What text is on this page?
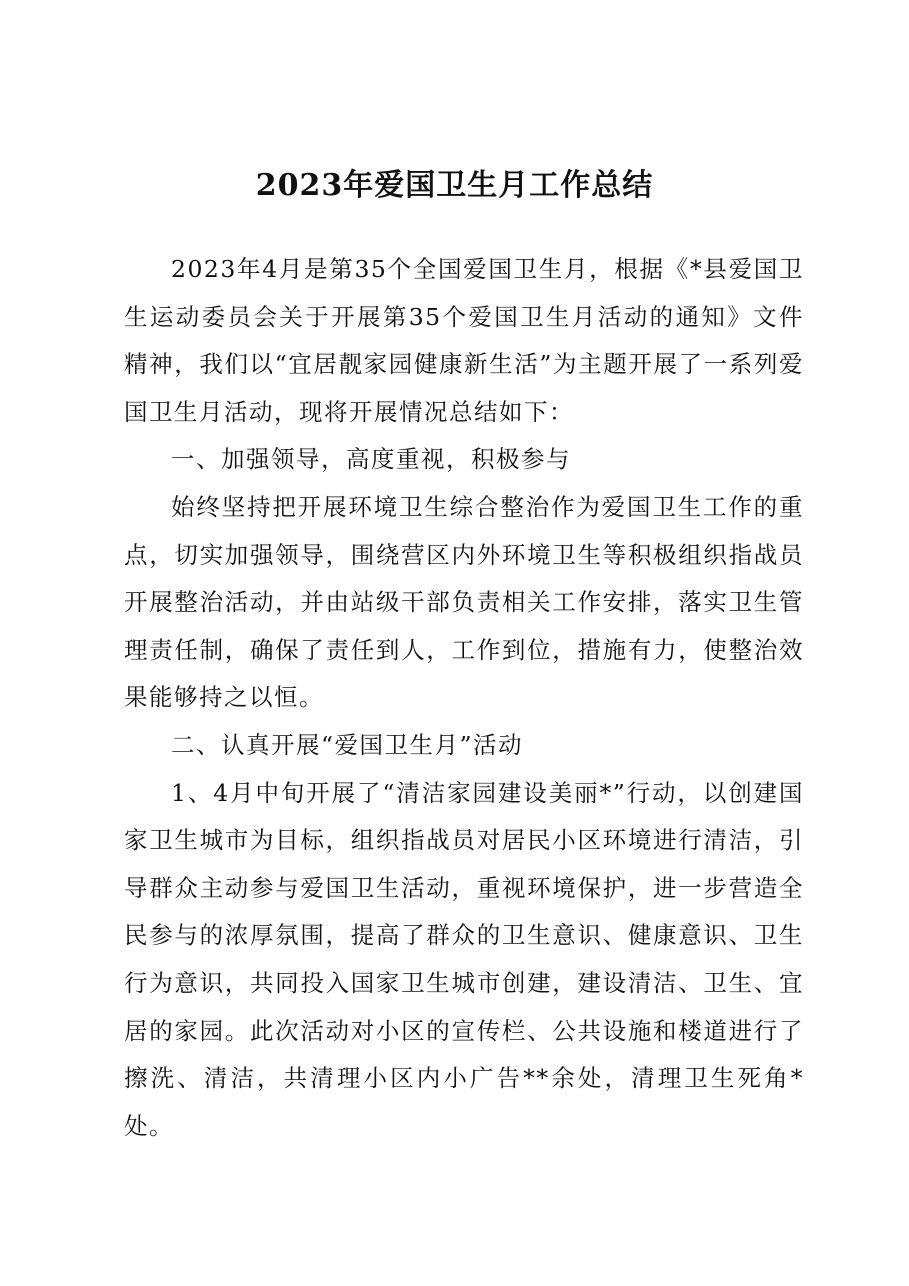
2023年爱国卫生月工作总结

2023年4月是第35个全国爱国卫生月，根据《*县爱国卫生运动委员会关于开展第35个爱国卫生月活动的通知》文件精神，我们以“宜居靓家园健康新生活”为主题开展了一系列爱国卫生月活动，现将开展情况总结如下：

一、加强领导，高度重视，积极参与

始终坚持把开展环境卫生综合整治作为爱国卫生工作的重点，切实加强领导，围绕营区内外环境卫生等积极组织指战员开展整治活动，并由站级干部负责相关工作安排，落实卫生管理责任制，确保了责任到人，工作到位，措施有力，使整治效果能够持之以恒。

二、认真开展“爱国卫生月”活动

1、4月中旬开展了“清洁家园建设美丽*”行动，以创建国家卫生城市为目标，组织指战员对居民小区环境进行清洁，引导群众主动参与爱国卫生活动，重视环境保护，进一步营造全民参与的浓厚氛围，提高了群众的卫生意识、健康意识、卫生行为意识，共同投入国家卫生城市创建，建设清洁、卫生、宜居的家园。此次活动对小区的宣传栏、公共设施和楼道进行了擦洗、清洁，共清理小区内小广告**余处，清理卫生死角*处。
